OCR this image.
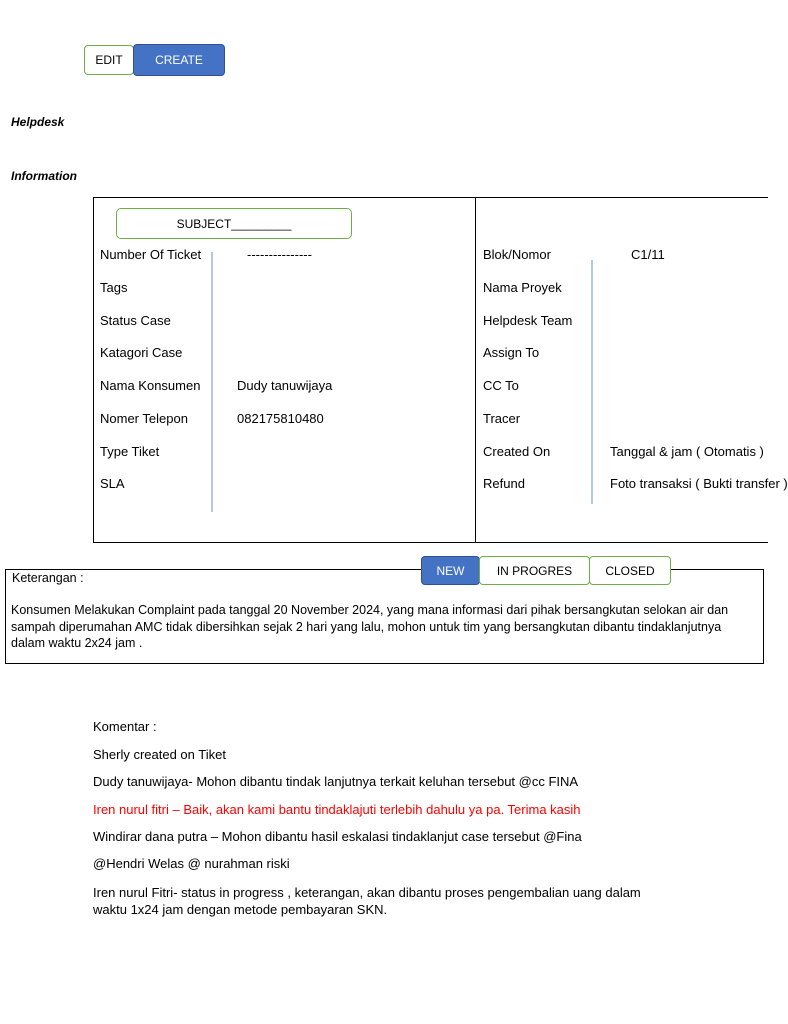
EDIT	CREATE
Helpdesk
Information
SUBJECT_________
Number Of Ticket	---------------
Tags
Status Case
Katagori Case
Nama Konsumen	Dudy tanuwijaya
Nomer Telepon	082175810480
Type Tiket
SLA
Blok/Nomor	C1/11
Nama Proyek
Helpdesk Team
Assign To
CC To
Tracer
Created On	Tanggal & jam ( Otomatis )
Refund	Foto transaksi ( Bukti transfer )
Keterangan :
Konsumen Melakukan Complaint pada tanggal 20 November 2024, yang mana informasi dari pihak bersangkutan selokan air dan sampah diperumahan AMC tidak dibersihkan sejak 2 hari yang lalu, mohon untuk tim yang bersangkutan dibantu tindaklanjutnya dalam waktu 2x24 jam .
NEW	IN PROGRES	CLOSED
Komentar :
Sherly created on Tiket
Dudy tanuwijaya- Mohon dibantu tindak lanjutnya terkait keluhan tersebut @cc FINA
Iren nurul fitri – Baik, akan kami bantu tindaklajuti terlebih dahulu ya pa. Terima kasih
Windirar dana putra – Mohon dibantu hasil eskalasi tindaklanjut case tersebut @Fina
@Hendri Welas @ nurahman riski
Iren nurul Fitri- status in progress , keterangan, akan dibantu proses pengembalian uang dalam waktu 1x24 jam dengan metode pembayaran SKN.
